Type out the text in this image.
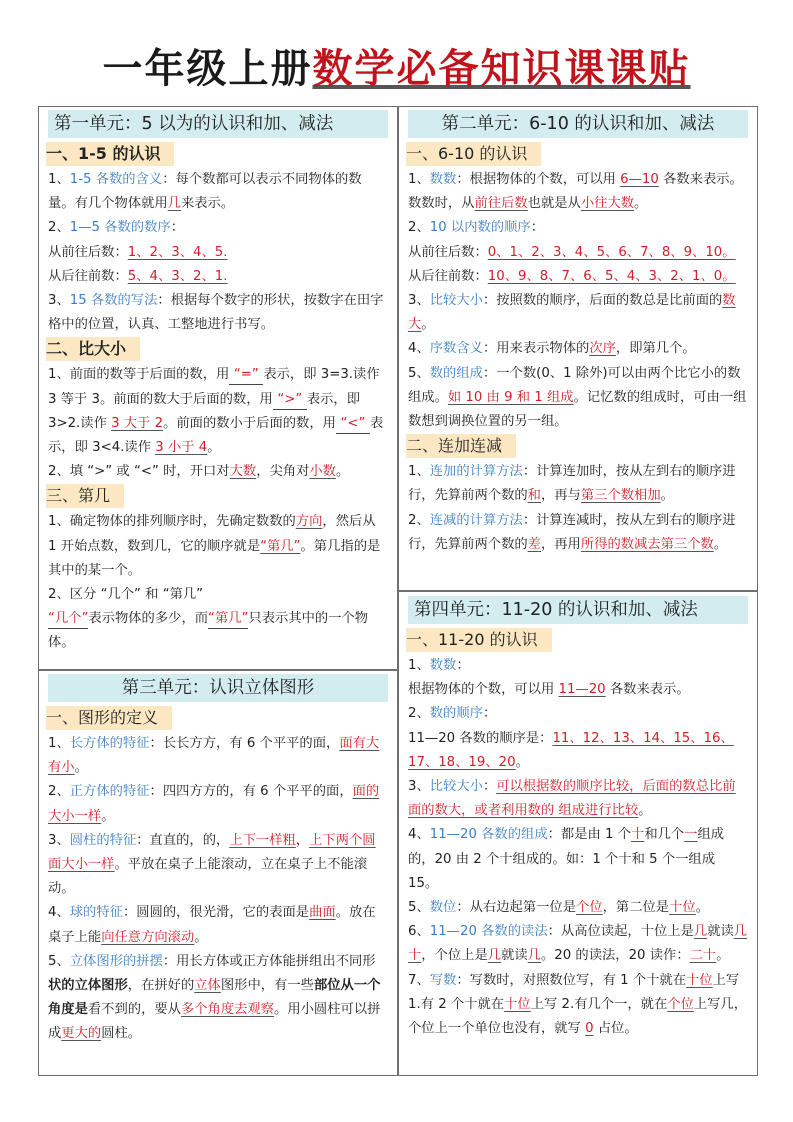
一年级上册数学必备知识课课贴
第一单元：5 以为的认识和加、减法
一、1-5 的认识

1、1-5 各数的含义：每个数都可以表示不同物体的数量。有几个物体就用几来表示。

2、1—5 各数的数序：

从前往后数：1、2、3、4、5.

从后往前数：5、4、3、2、1.

3、15 各数的写法：根据每个数字的形状，按数字在田字格中的位置，认真、工整地进行书写。

二、比大小

1、前面的数等于后面的数，用 “=” 表示，即 3=3.读作 3 等于 3。前面的数大于后面的数，用 “>” 表示，即 3>2.读作 3 大于 2。前面的数小于后面的数，用 “<” 表示，即 3<4.读作 3 小于 4。

2、填 “>” 或 “<” 时，开口对大数，尖角对小数。

三、第几

1、确定物体的排列顺序时，先确定数数的方向，然后从 1 开始点数，数到几，它的顺序就是“第几”。第几指的是其中的某一个。

2、区分 “几个” 和 “第几”

“几个”表示物体的多少，而“第几”只表示其中的一个物体。

第二单元：6-10 的认识和加、减法
一、6-10 的认识

1、数数：根据物体的个数，可以用 6—10 各数来表示。数数时，从前往后数也就是从小往大数。

2、10 以内数的顺序：

从前往后数：0、1、2、3、4、5、6、7、8、9、10。

从后往前数：10、9、8、7、6、5、4、3、2、1、0。

3、比较大小：按照数的顺序，后面的数总是比前面的数大。

4、序数含义：用来表示物体的次序，即第几个。

5、数的组成：一个数(0、1 除外)可以由两个比它小的数组成。如 10 由 9 和 1 组成。记忆数的组成时，可由一组数想到调换位置的另一组。

二、连加连减

1、连加的计算方法：计算连加时，按从左到右的顺序进行，先算前两个数的和，再与第三个数相加。

2、连减的计算方法：计算连减时，按从左到右的顺序进行，先算前两个数的差，再用所得的数减去第三个数。

第三单元：认识立体图形
一、图形的定义

1、长方体的特征：长长方方，有 6 个平平的面，面有大有小。

2、正方体的特征：四四方方的，有 6 个平平的面，面的大小一样。

3、圆柱的特征：直直的，的，上下一样粗，上下两个圆面大小一样。平放在桌子上能滚动，立在桌子上不能滚动。

4、球的特征：圆圆的，很光滑，它的表面是曲面。放在桌子上能向任意方向滚动。

5、立体图形的拼摆：用长方体或正方体能拼组出不同形状的立体图形，在拼好的立体图形中，有一些部位从一个角度是看不到的，要从多个角度去观察。用小圆柱可以拼成更大的圆柱。

第四单元：11-20 的认识和加、减法
一、11-20 的认识

1、数数：

根据物体的个数，可以用 11—20 各数来表示。

2、数的顺序：

11—20 各数的顺序是：11、12、13、14、15、16、17、18、19、20。

3、比较大小：可以根据数的顺序比较，后面的数总比前面的数大，或者利用数的 组成进行比较。

4、11—20 各数的组成：都是由 1 个十和几个一组成的，20 由 2 个十组成的。如：1 个十和 5 个一组成 15。

5、数位：从右边起第一位是个位，第二位是十位。

6、11—20 各数的读法：从高位读起，十位上是几就读几十，个位上是几就读几。20 的读法，20 读作：二十。

7、写数：写数时，对照数位写，有 1 个十就在十位上写 1.有 2 个十就在十位上写 2.有几个一，就在个位上写几，个位上一个单位也没有，就写 0 占位。
